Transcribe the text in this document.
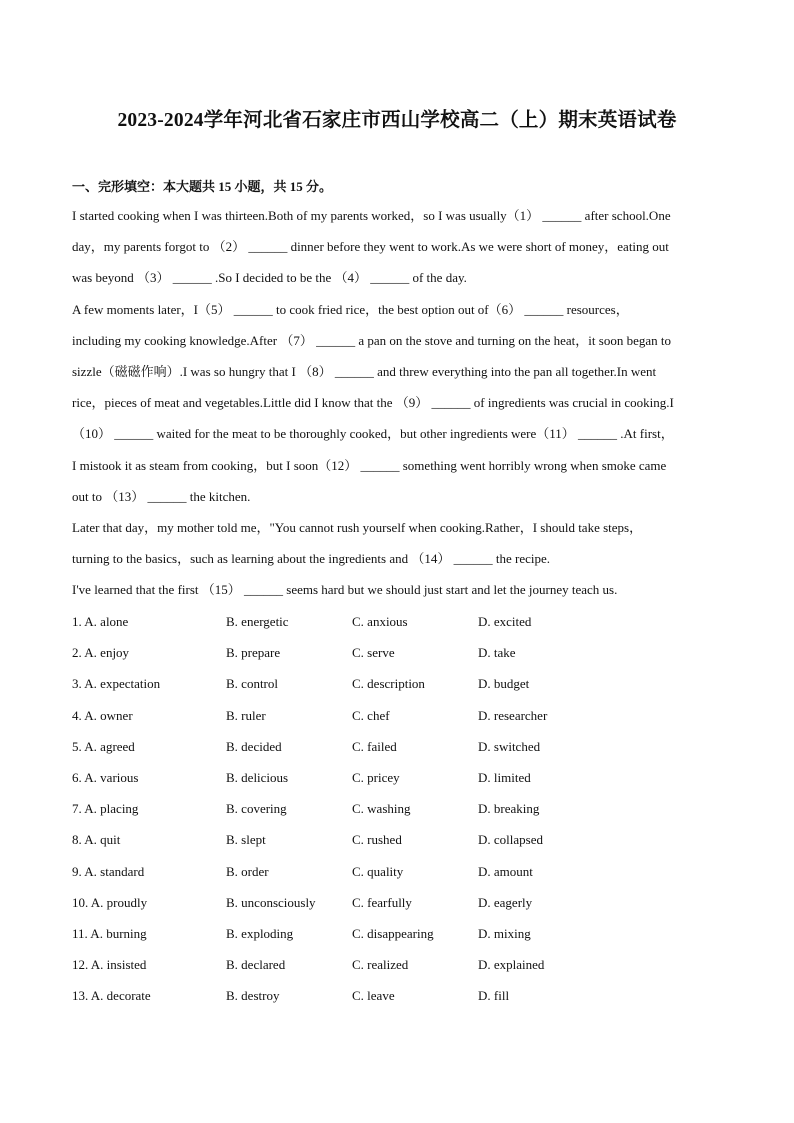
2023-2024学年河北省石家庄市西山学校高二（上）期末英语试卷
一、完形填空：本大题共 15 小题，共 15 分。
I started cooking when I was thirteen.Both of my parents worked，so I was usually（1） ______ after school.One
day，my parents forgot to （2） ______ dinner before they went to work.As we were short of money，eating out
was beyond （3） ______ .So I decided to be the （4） ______ of the day.
A few moments later，I（5） ______ to cook fried rice，the best option out of（6） ______ resources，
including my cooking knowledge.After （7） ______ a pan on the stove and turning on the heat，it soon began to
sizzle（磁磁作响）.I was so hungry that I （8） ______ and threw everything into the pan all together.In went
rice，pieces of meat and vegetables.Little did I know that the （9） ______ of ingredients was crucial in cooking.I
（10） ______ waited for the meat to be thoroughly cooked，but other ingredients were（11） ______ .At first，
I mistook it as steam from cooking，but I soon（12） ______ something went horribly wrong when smoke came
out to （13） ______ the kitchen.
Later that day，my mother told me，"You cannot rush yourself when cooking.Rather，I should take steps，
turning to the basics，such as learning about the ingredients and （14） ______ the recipe.
I've learned that the first （15） ______ seems hard but we should just start and let the journey teach us.
1. A. alone	B. energetic	C. anxious	D. excited
2. A. enjoy	B. prepare	C. serve	D. take
3. A. expectation	B. control	C. description	D. budget
4. A. owner	B. ruler	C. chef	D. researcher
5. A. agreed	B. decided	C. failed	D. switched
6. A. various	B. delicious	C. pricey	D. limited
7. A. placing	B. covering	C. washing	D. breaking
8. A. quit	B. slept	C. rushed	D. collapsed
9. A. standard	B. order	C. quality	D. amount
10. A. proudly	B. unconsciously	C. fearfully	D. eagerly
11. A. burning	B. exploding	C. disappearing	D. mixing
12. A. insisted	B. declared	C. realized	D. explained
13. A. decorate	B. destroy	C. leave	D. fill
